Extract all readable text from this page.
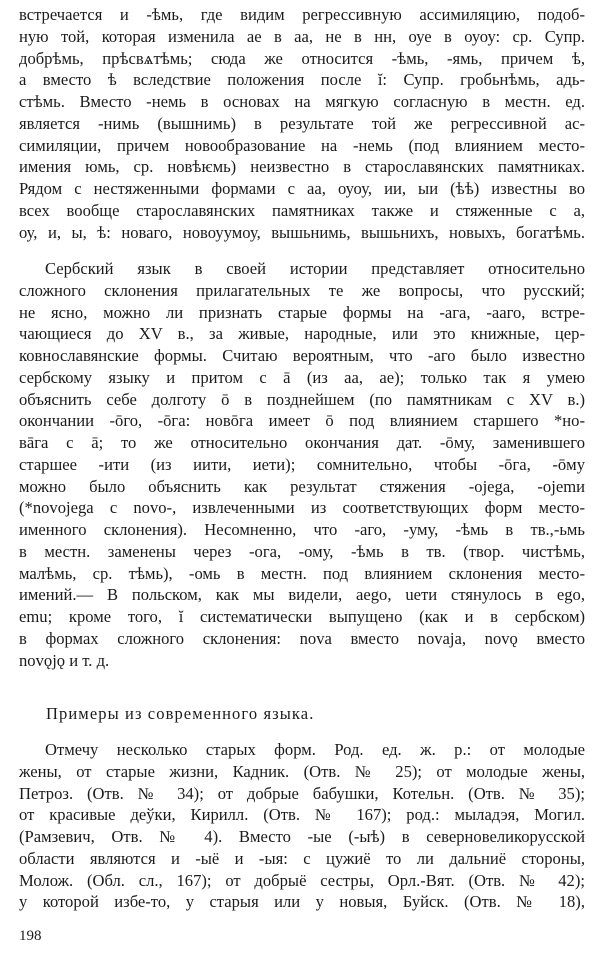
встречается и -ѣмь, где видим регрессивную ассимиляцию, подоб-
ную той, которая изменила ае в аа, не в нн, оуе в оуоу: ср. Супр.
добрѣмь, прѣсвѧтѣмь; сюда же относится -ѣмь, -ямь, причем ѣ,
а вместо ѣ вследствие положения после ĭ: Супр. гробьнѣмь, адь-
стѣмь. Вместо -немь в основах на мягкую согласную в местн. ед.
является -нимь (вышнимь) в результате той же регрессивной ас-
симиляции, причем новообразование на -немь (под влиянием место-
имения юмь, ср. новѣѥмь) неизвестно в старославянских памятниках.
Рядом с нестяженными формами с аа, оуоу, ии, ыи (ѣѣ) известны во
всех вообще старославянских памятниках также и стяженные с а,
оу, и, ы, ѣ: новаго, новоуумоу, вышьнимь, вышьнихъ, новыхъ, богатѣмь.
Сербский язык в своей истории представляет относительно
сложного склонения прилагательных те же вопросы, что русский;
не ясно, можно ли признать старые формы на -ага, -ааго, встре-
чающиеся до XV в., за живые, народные, или это книжные, цер-
ковнославянские формы. Считаю вероятным, что -аго было известно
сербскому языку и притом с ā (из аа, ае); только так я умею
объяснить себе долготу ō в позднейшем (по памятникам с XV в.)
окончании -ōго, -ōга: новōга имеет ō под влиянием старшего *но-
вāга с ā; то же относительно окончания дат. -ōму, заменившего
старшее -ити (из иити, иети); сомнительно, чтобы -ōга, -ōму
можно было объяснить как результат стяжения -оjеgа, -оjеmи
(*novojega с novo-, извлеченными из соответствующих форм место-
именного склонения). Несомненно, что -аго, -уму, -ѣмь в тв.,-ьмь
в местн. заменены через -ога, -ому, -ѣмь в тв. (твор. чистѣмь,
малѣмь, ср. тѣмь), -омь в местн. под влиянием склонения место-
имений.— В польском, как мы видели, aego, ueти стянулось в ego,
emu; кроме того, ĭ систематически выпущено (как и в сербском)
в формах сложного склонения: nova вместо novaja, novǫ вместо
novǫjǫ и т. д.
Примеры из современного языка.
Отмечу несколько старых форм. Род. ед. ж. р.: от молодые
жены, от старые жизни, Кадник. (Отв. № 25); от молодые жены,
Петроз. (Отв. № 34); от добрые бабушки, Котельн. (Отв. № 35);
от красивые деўки, Кирилл. (Отв. № 167); род.: мыладэя, Могил.
(Рамзевич, Отв. № 4). Вместо -ые (-ыѣ) в северновеликорусской
области являются и -ыё и -ыя: с цужиё то ли дальниё стороны,
Молож. (Обл. сл., 167); от добрыё сестры, Орл.-Вят. (Отв. № 42);
у которой избе-то, у старыя или у новыя, Буйск. (Отв. № 18),
198
